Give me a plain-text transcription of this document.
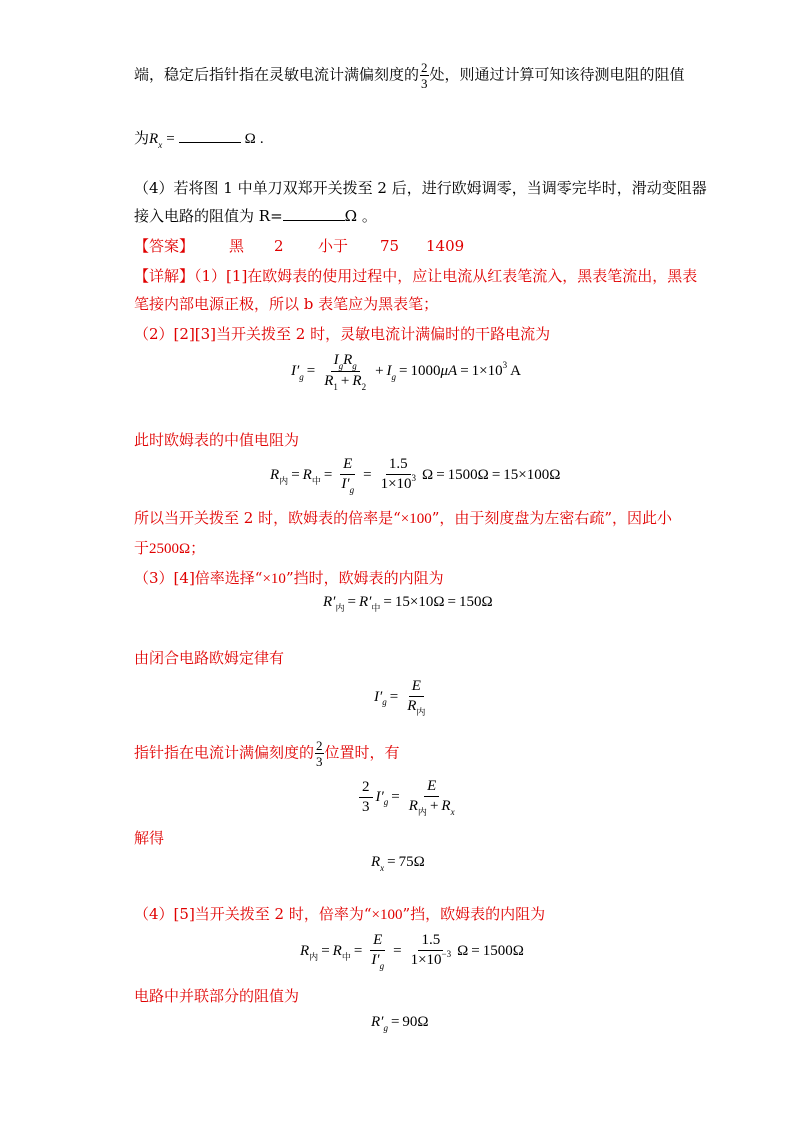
端，稳定后指针指在灵敏电流计满偏刻度的 $\frac{2}{3}$ 处，则通过计算可知该待测电阻的阻值
为$R_x$ =	Ω .
（4）若将图 1 中单刀双郑开关拨至 2 后，进行欧姆调零，当调零完毕时，滑动变阻器
接入电路的阻值为 R=	Ω 。
【答案】 黑 2 小于 75 1409
【详解】（1）[1]在欧姆表的使用过程中，应让电流从红表笔流入，黑表笔流出，黑表
笔接内部电源正极，所以 b 表笔应为黑表笔；
（2）[2][3]当开关拨至 2 时，灵敏电流计满偏时的干路电流为
I′ $g = \frac{I_gR_g}{R_1 + R_2} + I$ g = 1000 μA = 1×10 3 A
此时欧姆表的中值电阻为
R 内 = R 中 = $\frac{E}{I'_g} = \frac{1.5}{1\times 10^3}$ Ω = 1500Ω = 15×100Ω
所以当开关拨至 2 时，欧姆表的倍率是“×100”，由于刻度盘为左密右疏”，因此小
于2500Ω；
（3）[4]倍率选择“×10”挡时，欧姆表的内阻为
R′ 内 = R′ 中 = 15×10Ω = 150Ω
由闭合电路欧姆定律有
I′ $g = \frac{E}{R_内}$
指针指在电流计满偏刻度的 $\frac{2}{3}$ 位置时，有
$\frac{2}{3} I'$ $g = \frac{E}{R_内 + R_x}$
解得
R x = 75Ω
（4）[5]当开关拨至 2 时，倍率为“×100”挡，欧姆表的内阻为
R 内 = R 中 = $\frac{E}{I'_g} = \frac{1.5}{1\times 10^{-3}}$ Ω = 1500Ω
电路中并联部分的阻值为
R′ g = 90Ω
